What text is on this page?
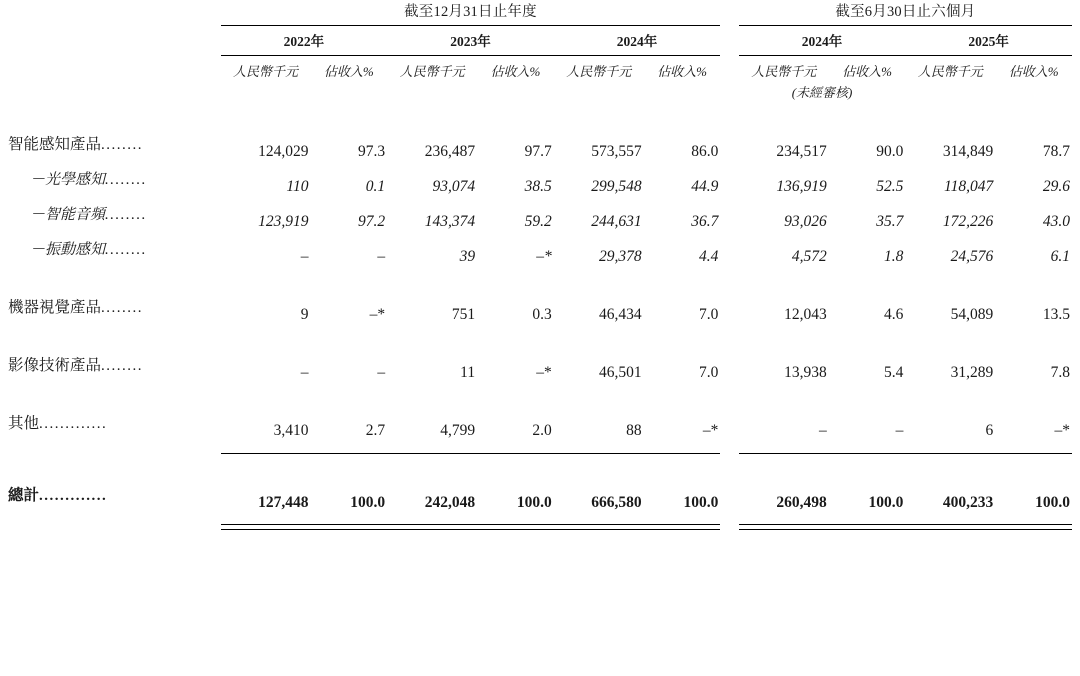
	截至12月31日止年度							截至6月30日止六個月			

	2022年		2023年		2024年			2024年		2025年	

	人民幣千元	佔收入%	人民幣千元	佔收入%	人民幣千元	佔收入%		人民幣千元	佔收入%	人民幣千元	佔收入%
								(未經審核)			

智能感知產品........	124,029	97.3	236,487	97.7	573,557	86.0		234,517	90.0	314,849	78.7
－光學感知........	110	0.1	93,074	38.5	299,548	44.9		136,919	52.5	118,047	29.6
－智能音頻........	123,919	97.2	143,374	59.2	244,631	36.7		93,026	35.7	172,226	43.0
－振動感知........	–	–	39	–*	29,378	4.4		4,572	1.8	24,576	6.1

機器視覺產品........	9	–*	751	0.3	46,434	7.0		12,043	4.6	54,089	13.5

影像技術產品........	–	–	11	–*	46,501	7.0		13,938	5.4	31,289	7.8

其他.............	3,410	2.7	4,799	2.0	88	–*		–	–	6	–*

總計.............	127,448	100.0	242,048	100.0	666,580	100.0		260,498	100.0	400,233	100.0
